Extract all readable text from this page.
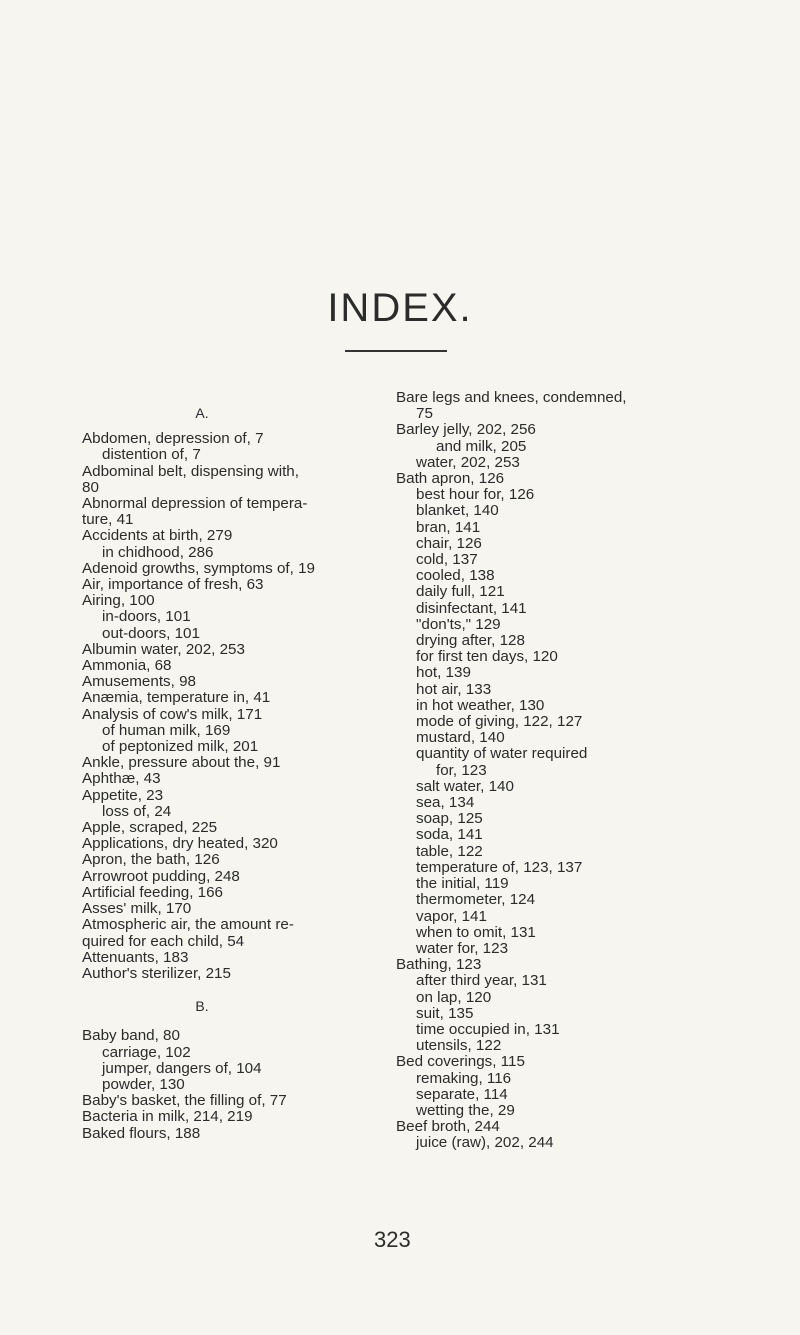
INDEX.
A.
Abdomen, depression of, 7
distention of, 7
Adbominal belt, dispensing with,
80
Abnormal depression of tempera-
ture, 41
Accidents at birth, 279
in chidhood, 286
Adenoid growths, symptoms of, 19
Air, importance of fresh, 63
Airing, 100
in-doors, 101
out-doors, 101
Albumin water, 202, 253
Ammonia, 68
Amusements, 98
Anæmia, temperature in, 41
Analysis of cow's milk, 171
of human milk, 169
of peptonized milk, 201
Ankle, pressure about the, 91
Aphthæ, 43
Appetite, 23
loss of, 24
Apple, scraped, 225
Applications, dry heated, 320
Apron, the bath, 126
Arrowroot pudding, 248
Artificial feeding, 166
Asses' milk, 170
Atmospheric air, the amount re-
quired for each child, 54
Attenuants, 183
Author's sterilizer, 215
B.
Baby band, 80
carriage, 102
jumper, dangers of, 104
powder, 130
Baby's basket, the filling of, 77
Bacteria in milk, 214, 219
Baked flours, 188
Bare legs and knees, condemned,
75
Barley jelly, 202, 256
and milk, 205
water, 202, 253
Bath apron, 126
best hour for, 126
blanket, 140
bran, 141
chair, 126
cold, 137
cooled, 138
daily full, 121
disinfectant, 141
"don'ts," 129
drying after, 128
for first ten days, 120
hot, 139
hot air, 133
in hot weather, 130
mode of giving, 122, 127
mustard, 140
quantity of water required
for, 123
salt water, 140
sea, 134
soap, 125
soda, 141
table, 122
temperature of, 123, 137
the initial, 119
thermometer, 124
vapor, 141
when to omit, 131
water for, 123
Bathing, 123
after third year, 131
on lap, 120
suit, 135
time occupied in, 131
utensils, 122
Bed coverings, 115
remaking, 116
separate, 114
wetting the, 29
Beef broth, 244
juice (raw), 202, 244
323
